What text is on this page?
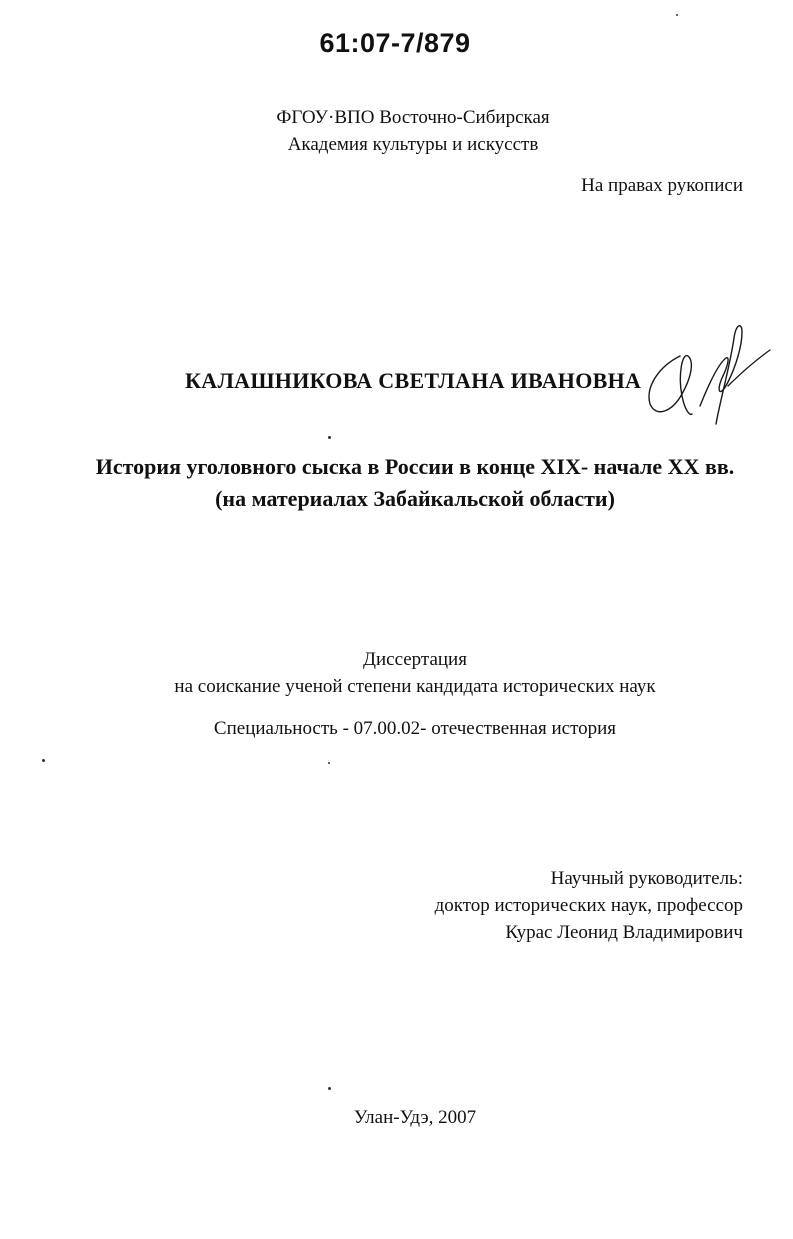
61:07-7/879
ФГОУ·ВПО Восточно-Сибирская
Академия культуры и искусств
На правах рукописи
КАЛАШНИКОВА СВЕТЛАНА ИВАНОВНА
История уголовного сыска в России в конце XIX- начале XX вв.
(на материалах Забайкальской области)
Диссертация
на соискание ученой степени кандидата исторических наук
Специальность - 07.00.02- отечественная история
Научный руководитель:
доктор исторических наук, профессор
Курас Леонид Владимирович
Улан-Удэ, 2007
